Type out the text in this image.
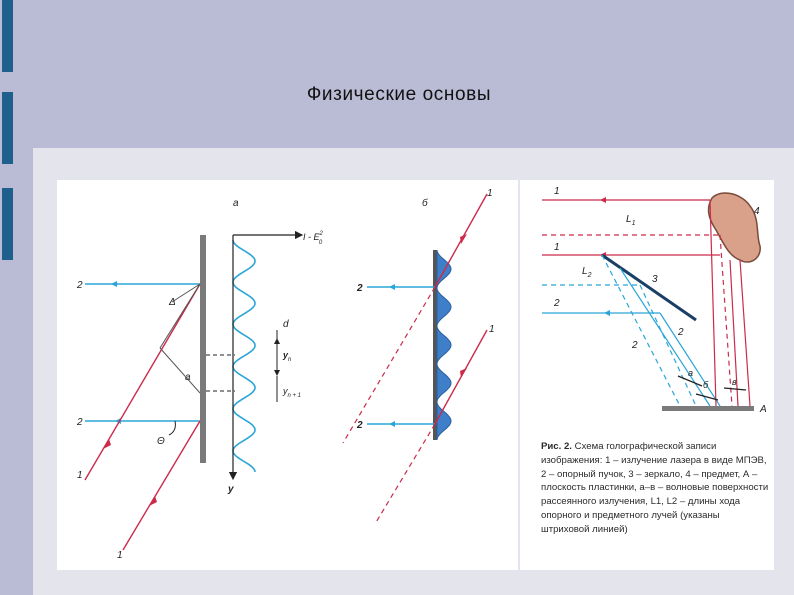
Физические основы
а
2
2
1
1
Δ
а
Θ
I - $E^2$ 0
d
$y_n$
$y_{n + 1}$
y
б
2
2
1
1
1
$L_1$
1
$L_2$	3
4
2
2
2
а
б	в
А
Рис. 2. Схема голографической записи изображения: 1 – излучение лазера в виде МПЭВ, 2 – опорный пучок, 3 – зеркало, 4 – предмет, А – плоскость пластинки, а–в – волновые поверхности рассеянного излучения, L1, L2 – длины хода опорного и предметного лучей (указаны штриховой линией)
